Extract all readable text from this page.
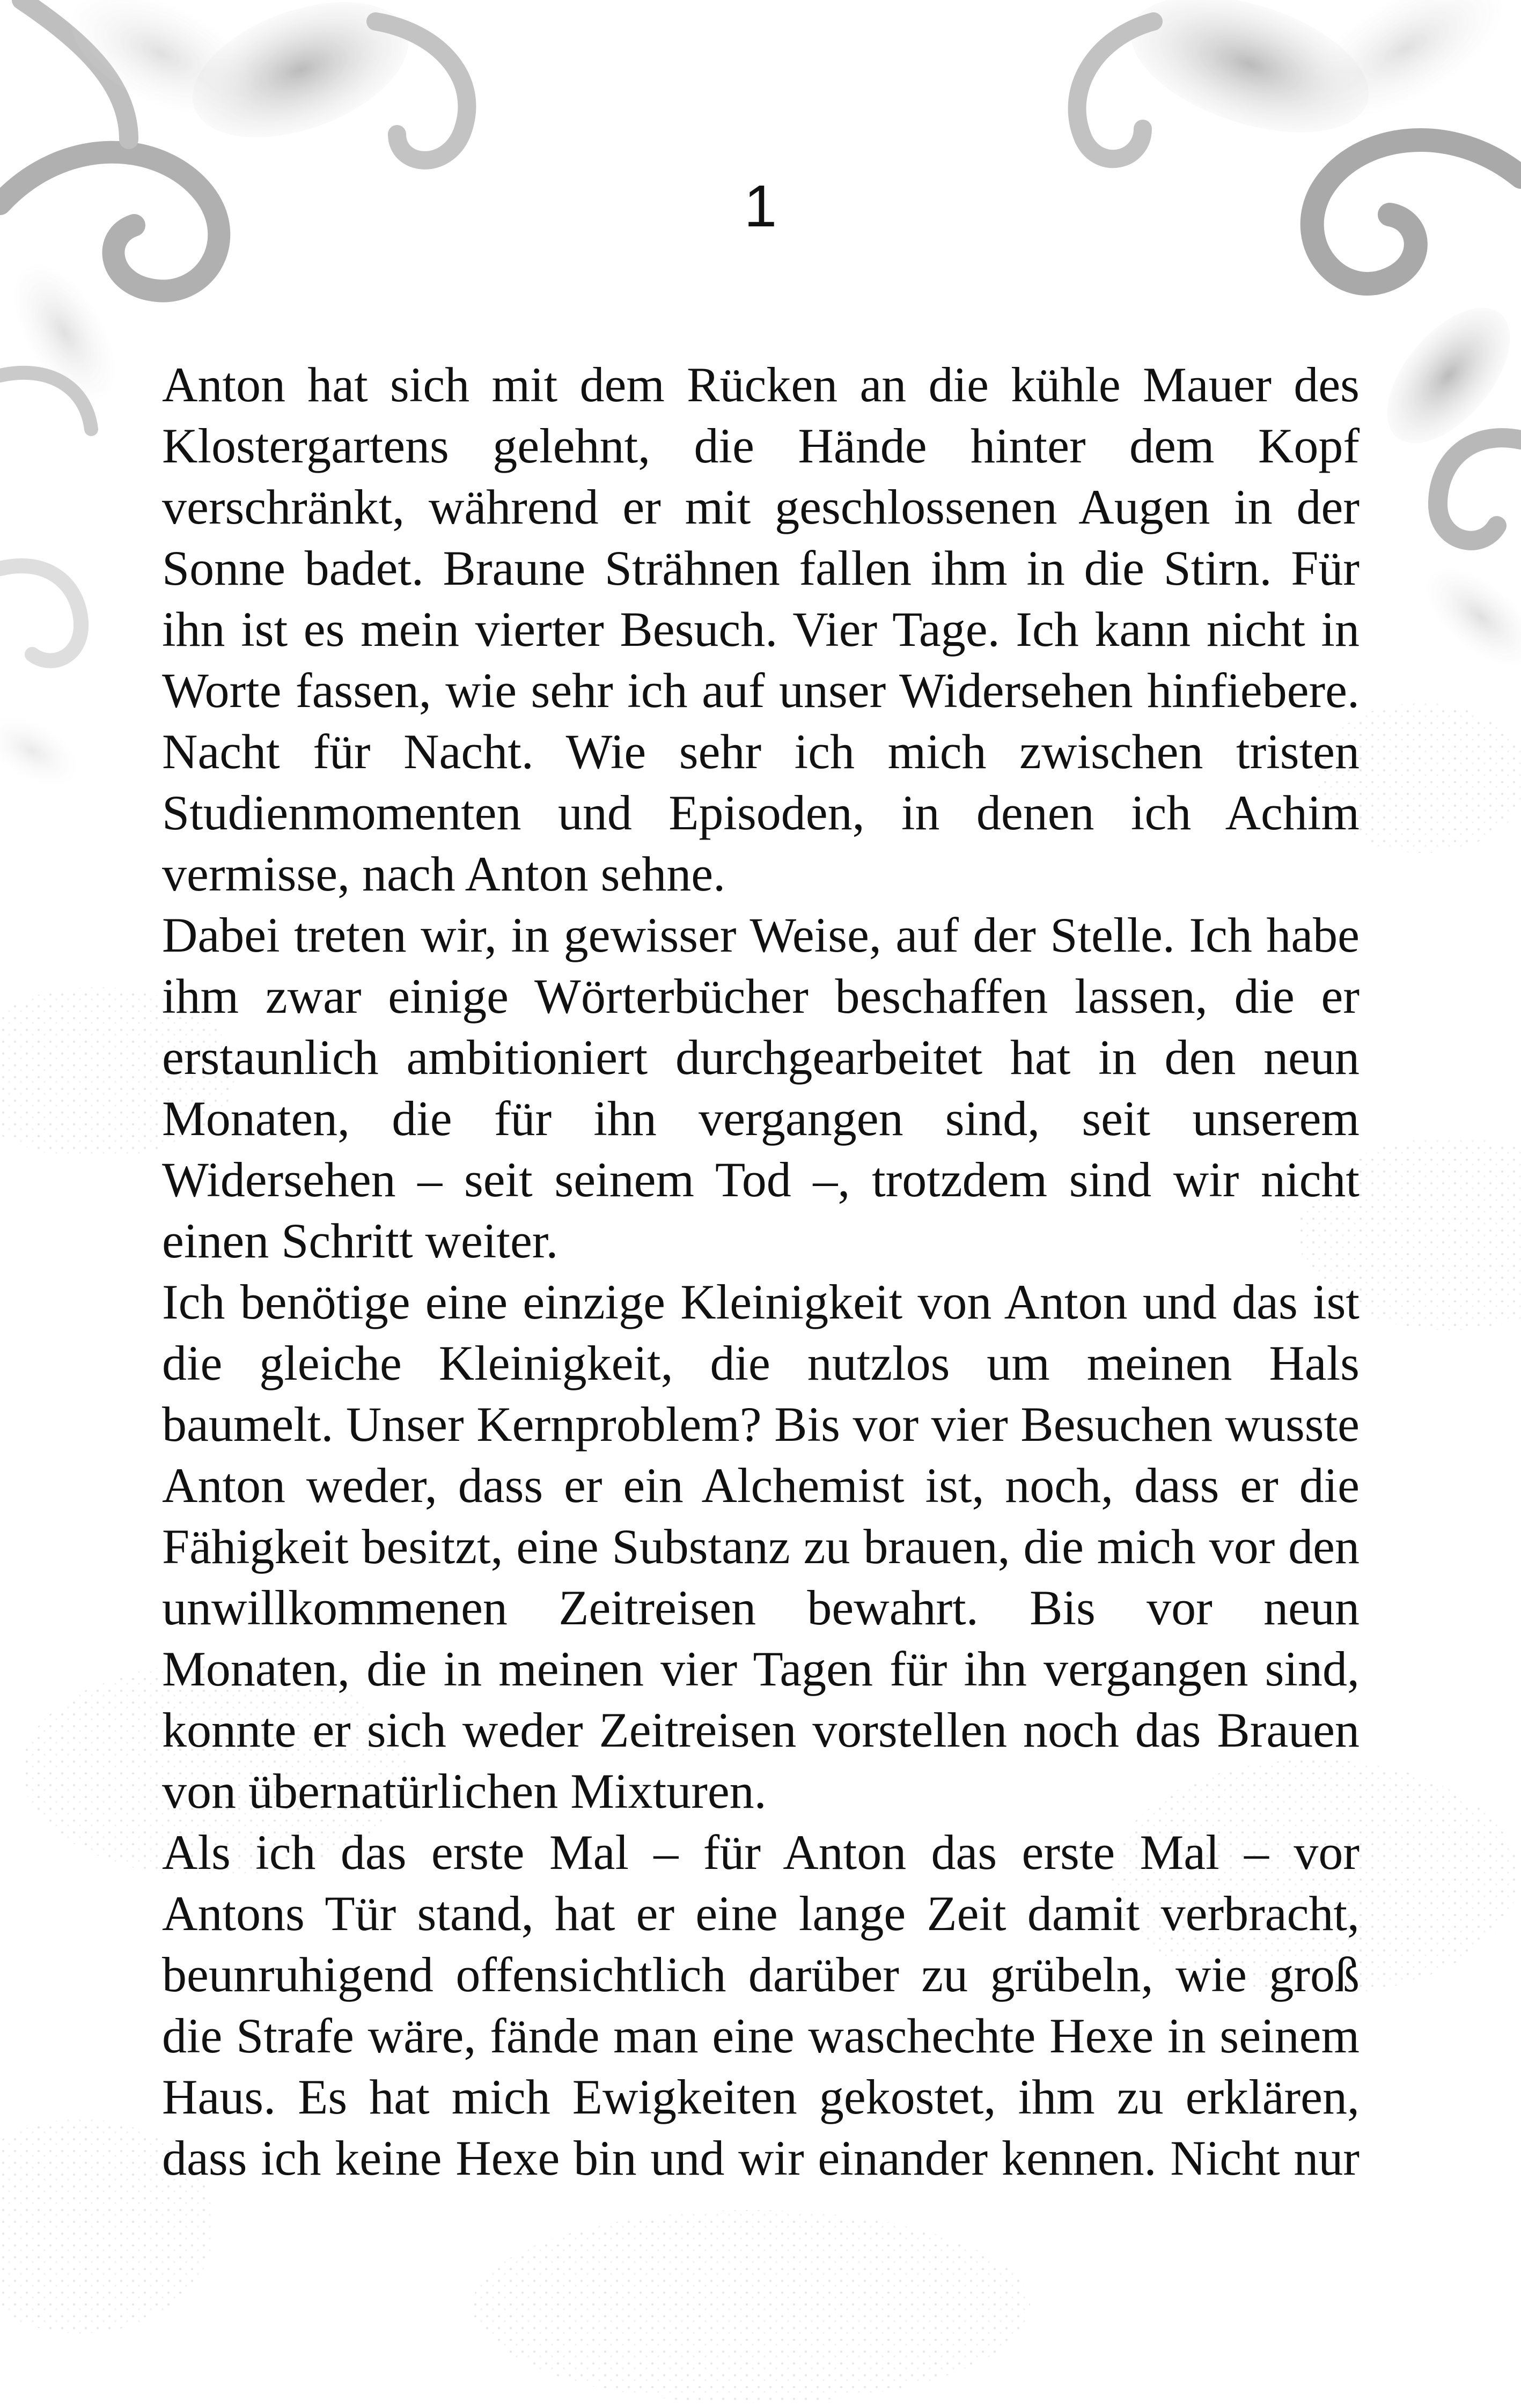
1

Anton hat sich mit dem Rücken an die kühle Mauer des Klostergartens gelehnt, die Hände hinter dem Kopf verschränkt, während er mit geschlossenen Augen in der Sonne badet. Braune Strähnen fallen ihm in die Stirn. Für ihn ist es mein vierter Besuch. Vier Tage. Ich kann nicht in Worte fassen, wie sehr ich auf unser Widersehen hinfiebere. Nacht für Nacht. Wie sehr ich mich zwischen tristen Studienmomenten und Episoden, in denen ich Achim vermisse, nach Anton sehne.

Dabei treten wir, in gewisser Weise, auf der Stelle. Ich habe ihm zwar einige Wörterbücher beschaffen lassen, die er erstaunlich ambitioniert durchgearbeitet hat in den neun Monaten, die für ihn vergangen sind, seit unserem Widersehen – seit seinem Tod –, trotzdem sind wir nicht einen Schritt weiter.

Ich benötige eine einzige Kleinigkeit von Anton und das ist die gleiche Kleinigkeit, die nutzlos um meinen Hals baumelt. Unser Kernproblem? Bis vor vier Besuchen wusste Anton weder, dass er ein Alchemist ist, noch, dass er die Fähigkeit besitzt, eine Substanz zu brauen, die mich vor den unwillkommenen Zeitreisen bewahrt. Bis vor neun Monaten, die in meinen vier Tagen für ihn vergangen sind, konnte er sich weder Zeitreisen vorstellen noch das Brauen von übernatürlichen Mixturen.

Als ich das erste Mal – für Anton das erste Mal – vor Antons Tür stand, hat er eine lange Zeit damit verbracht, beunruhigend offensichtlich darüber zu grübeln, wie groß die Strafe wäre, fände man eine waschechte Hexe in seinem Haus. Es hat mich Ewigkeiten gekostet, ihm zu erklären, dass ich keine Hexe bin und wir einander kennen. Nicht nur
